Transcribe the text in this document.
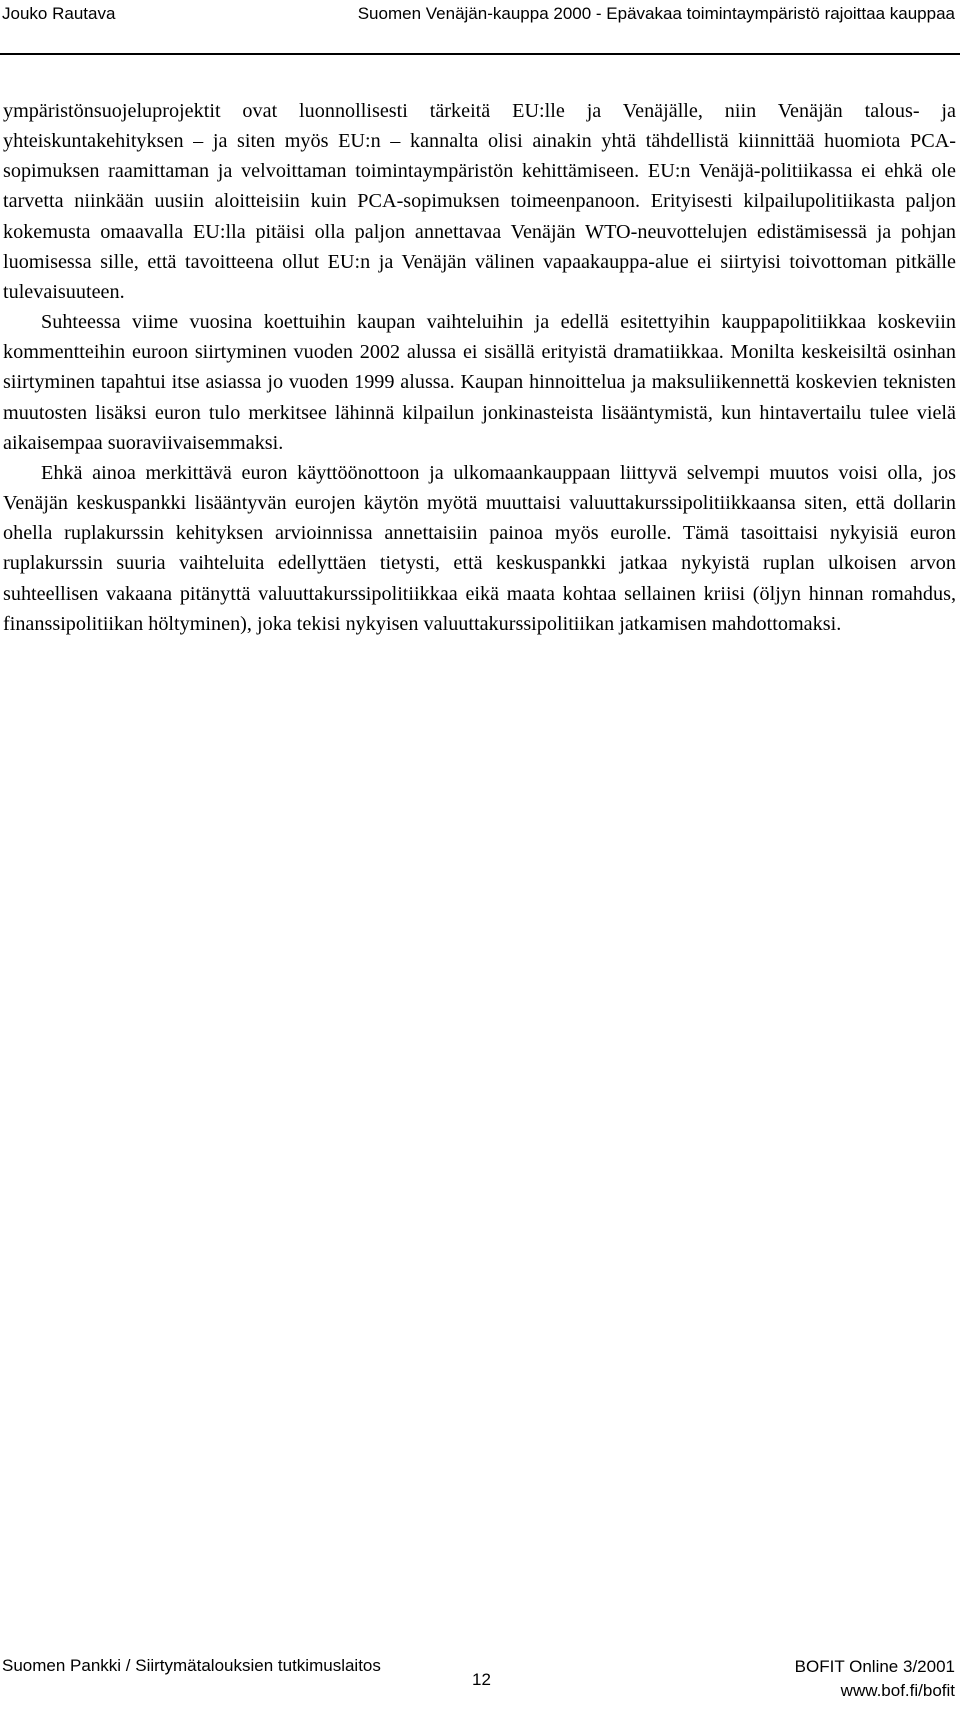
Jouko Rautava	Suomen Venäjän-kauppa 2000 - Epävakaa toimintaympäristö rajoittaa kauppaa

ympäristönsuojeluprojektit ovat luonnollisesti tärkeitä EU:lle ja Venäjälle, niin Venäjän talous- ja yhteiskuntakehityksen – ja siten myös EU:n – kannalta olisi ainakin yhtä tähdellistä kiinnittää huomiota PCA-sopimuksen raamittaman ja velvoittaman toimintaympäristön kehittämiseen. EU:n Venäjä-politiikassa ei ehkä ole tarvetta niinkään uusiin aloitteisiin kuin PCA-sopimuksen toimeenpanoon. Erityisesti kilpailupolitiikasta paljon kokemusta omaavalla EU:lla pitäisi olla paljon annettavaa Venäjän WTO-neuvottelujen edistämisessä ja pohjan luomisessa sille, että tavoitteena ollut EU:n ja Venäjän välinen vapaakauppa-alue ei siirtyisi toivottoman pitkälle tulevaisuuteen.

Suhteessa viime vuosina koettuihin kaupan vaihteluihin ja edellä esitettyihin kauppapolitiikkaa koskeviin kommentteihin euroon siirtyminen vuoden 2002 alussa ei sisällä erityistä dramatiikkaa. Monilta keskeisiltä osinhan siirtyminen tapahtui itse asiassa jo vuoden 1999 alussa. Kaupan hinnoittelua ja maksuliikennettä koskevien teknisten muutosten lisäksi euron tulo merkitsee lähinnä kilpailun jonkinasteista lisääntymistä, kun hintavertailu tulee vielä aikaisempaa suoraviivaisemmaksi.

Ehkä ainoa merkittävä euron käyttöönottoon ja ulkomaankauppaan liittyvä selvempi muutos voisi olla, jos Venäjän keskuspankki lisääntyvän eurojen käytön myötä muuttaisi valuuttakurssipolitiikkaansa siten, että dollarin ohella ruplakurssin kehityksen arvioinnissa annettaisiin painoa myös eurolle. Tämä tasoittaisi nykyisiä euron ruplakurssin suuria vaihteluita edellyttäen tietysti, että keskuspankki jatkaa nykyistä ruplan ulkoisen arvon suhteellisen vakaana pitänyttä valuuttakurssipolitiikkaa eikä maata kohtaa sellainen kriisi (öljyn hinnan romahdus, finanssipolitiikan höltyminen), joka tekisi nykyisen valuuttakurssipolitiikan jatkamisen mahdottomaksi.

Suomen Pankki / Siirtymätalouksien tutkimuslaitos
12
BOFIT Online 3/2001
www.bof.fi/bofit
